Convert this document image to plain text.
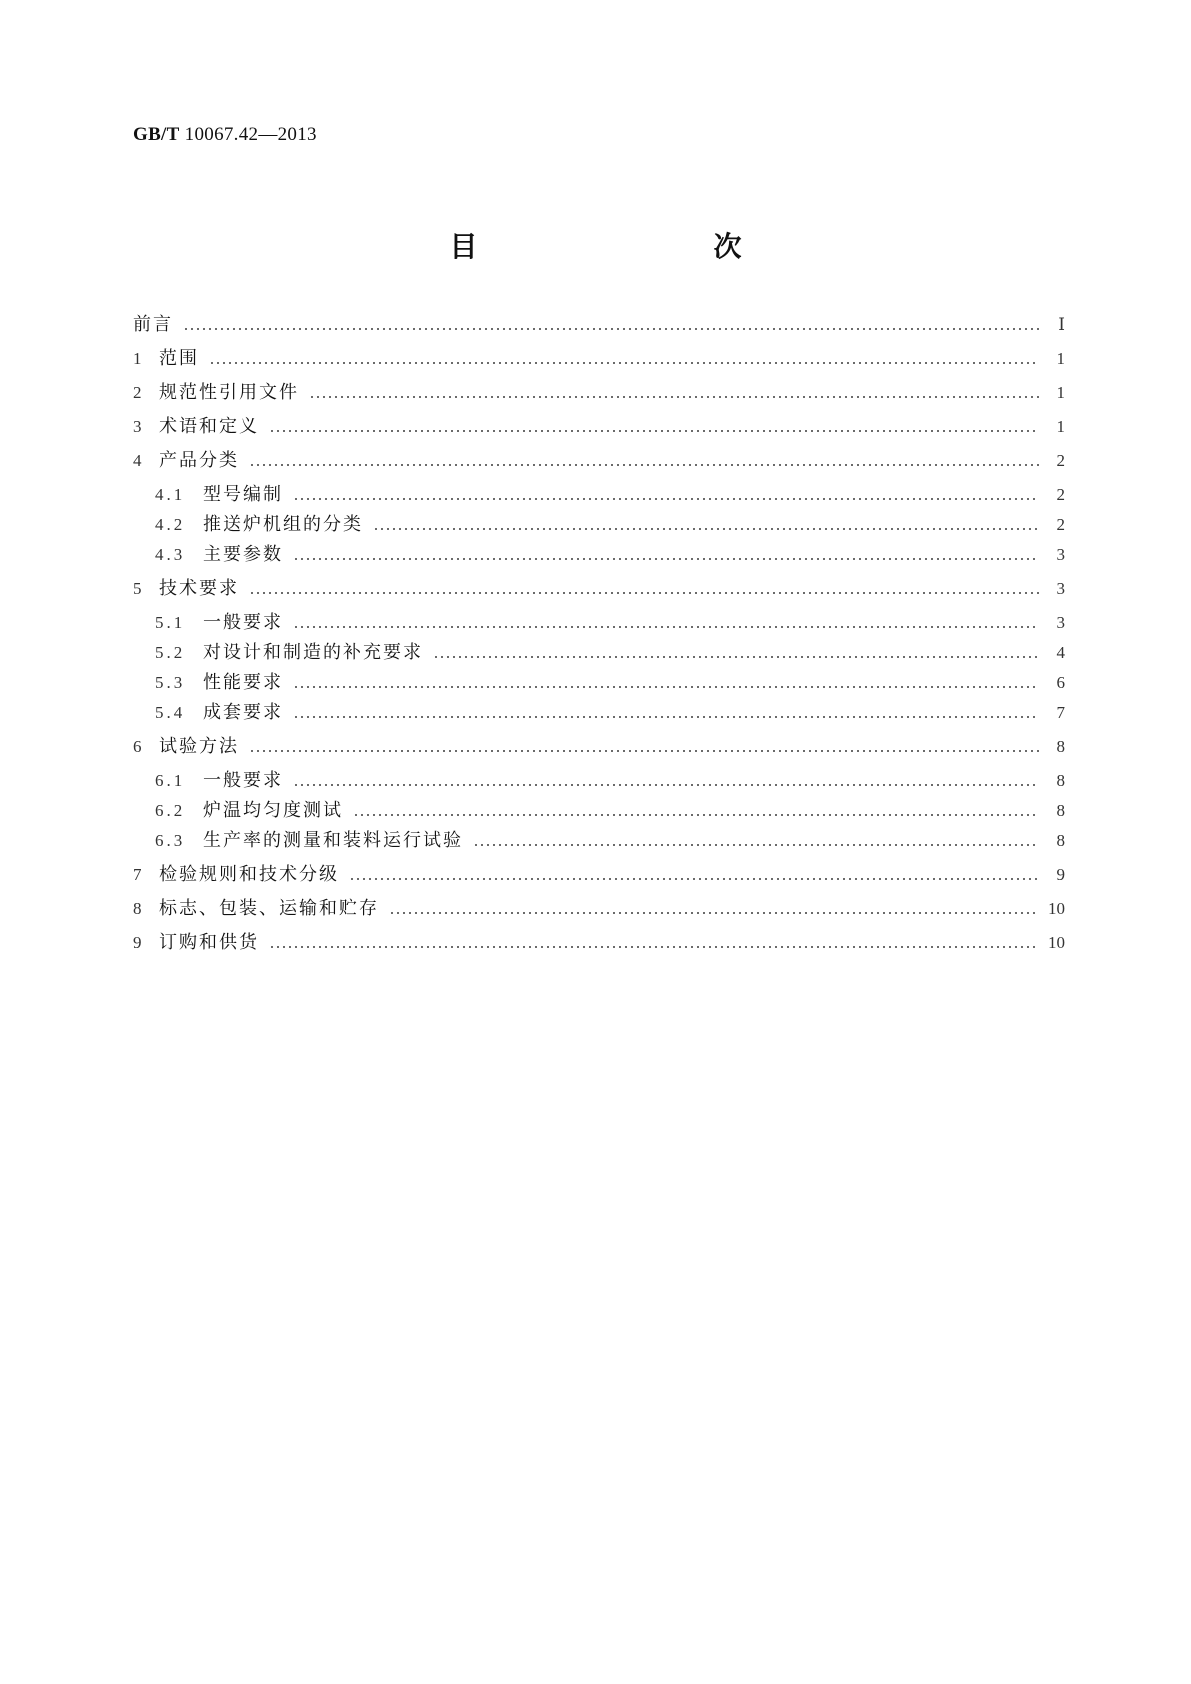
GB/T 10067.42—2013
目　　次
前言	Ⅰ
1 范围	1
2 规范性引用文件	1
3 术语和定义	1
4 产品分类	2
4.1 型号编制	2
4.2 推送炉机组的分类	2
4.3 主要参数	3
5 技术要求	3
5.1 一般要求	3
5.2 对设计和制造的补充要求	4
5.3 性能要求	6
5.4 成套要求	7
6 试验方法	8
6.1 一般要求	8
6.2 炉温均匀度测试	8
6.3 生产率的测量和装料运行试验	8
7 检验规则和技术分级	9
8 标志、包装、运输和贮存	10
9 订购和供货	10
